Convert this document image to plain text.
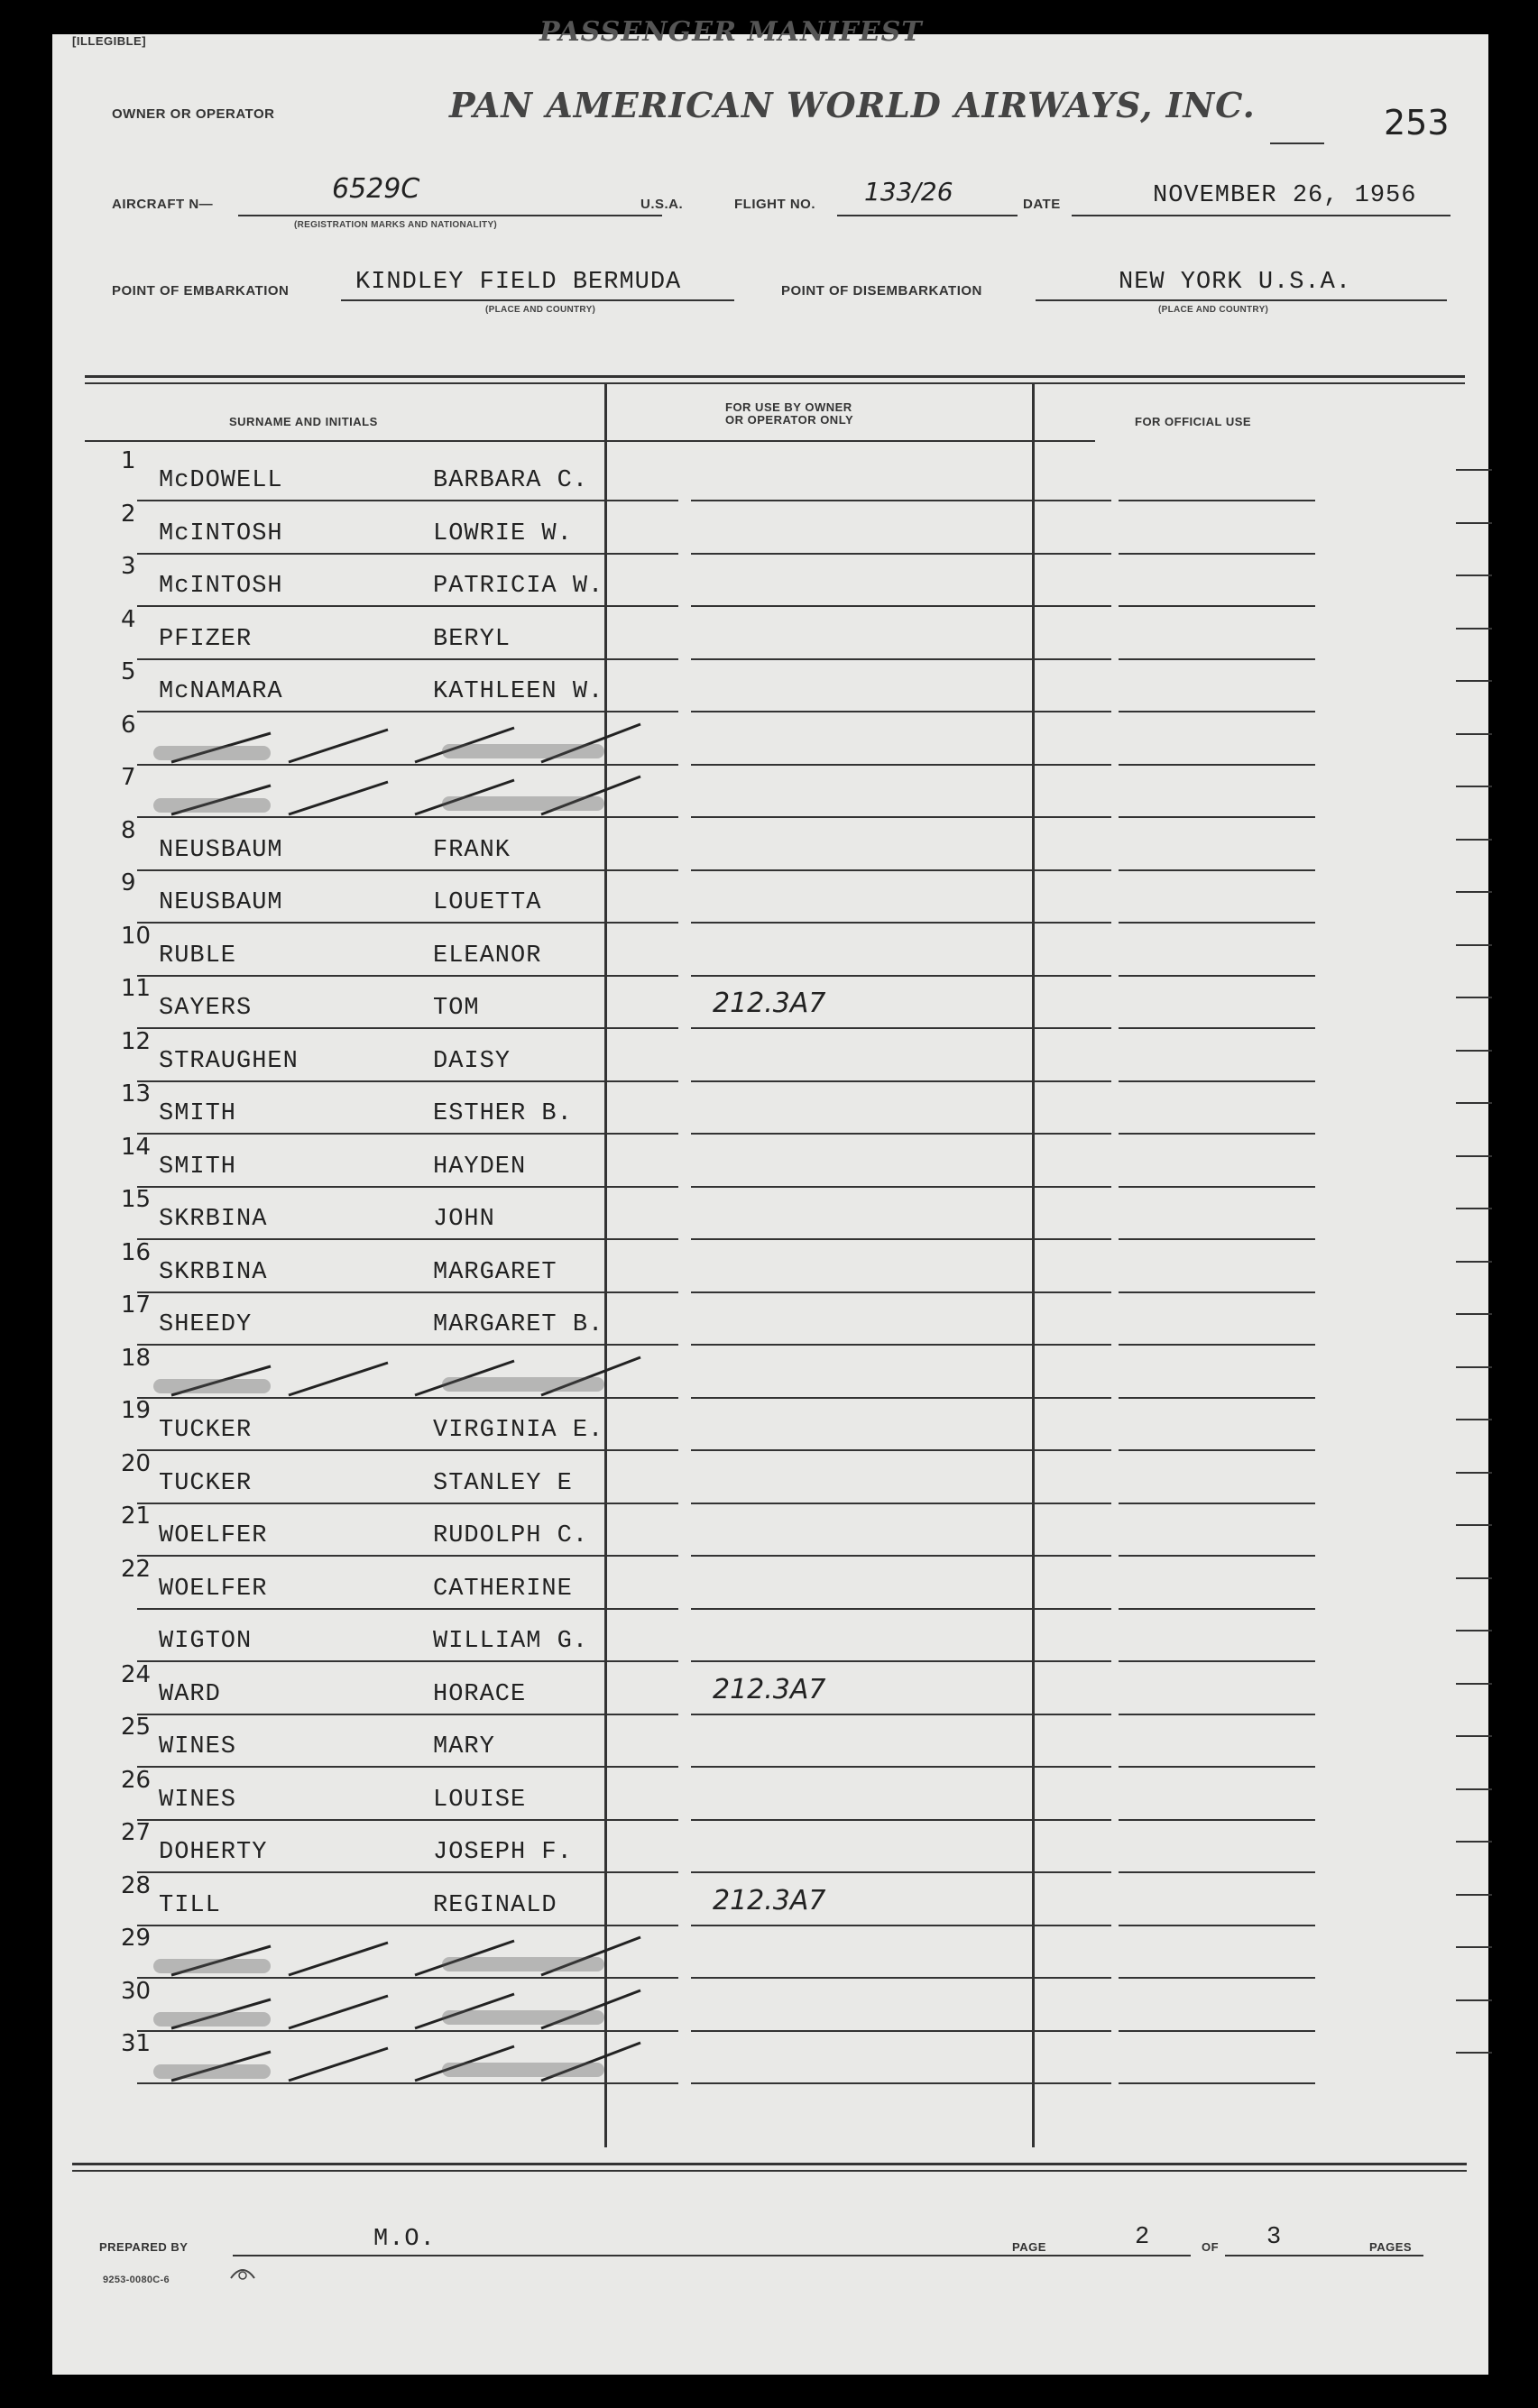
[ILLEGIBLE]	PASSENGER MANIFEST
OWNER OR OPERATOR	PAN AMERICAN WORLD AIRWAYS, INC.	253
AIRCRAFT N—	6529C
(REGISTRATION MARKS AND NATIONALITY)
U.S.A.	FLIGHT NO. 133/26	DATE	NOVEMBER 26, 1956
POINT OF EMBARKATION	KINDLEY FIELD BERMUDA
(PLACE AND COUNTRY)
POINT OF DISEMBARKATION	NEW YORK U.S.A.
(PLACE AND COUNTRY)
SURNAME AND INITIALS
FOR USE BY OWNER
OR OPERATOR ONLY	FOR OFFICIAL USE
1
McDOWELL	BARBARA C.
2
McINTOSH	LOWRIE W.
3
McINTOSH	PATRICIA W.
4
PFIZER	BERYL
5
McNAMARA	KATHLEEN W.
6
7
8
NEUSBAUM	FRANK
9
NEUSBAUM	LOUETTA
10
RUBLE	ELEANOR
11
SAYERS	TOM	212.3A7
12
STRAUGHEN	DAISY
13
SMITH	ESTHER B.
14
SMITH	HAYDEN
15
SKRBINA	JOHN
16
SKRBINA	MARGARET
17
SHEEDY	MARGARET B.
18
19
TUCKER	VIRGINIA E.
20
TUCKER	STANLEY E
21
WOELFER	RUDOLPH C.
22
WOELFER	CATHERINE
WIGTON	WILLIAM G.
24
WARD	HORACE	212.3A7
25
WINES	MARY
26
WINES	LOUISE
27
DOHERTY	JOSEPH F.
28
TILL	REGINALD	212.3A7
29
30
31
PREPARED BY	M.O.	PAGE	2	OF 3	PAGES
9253-0080C-6
